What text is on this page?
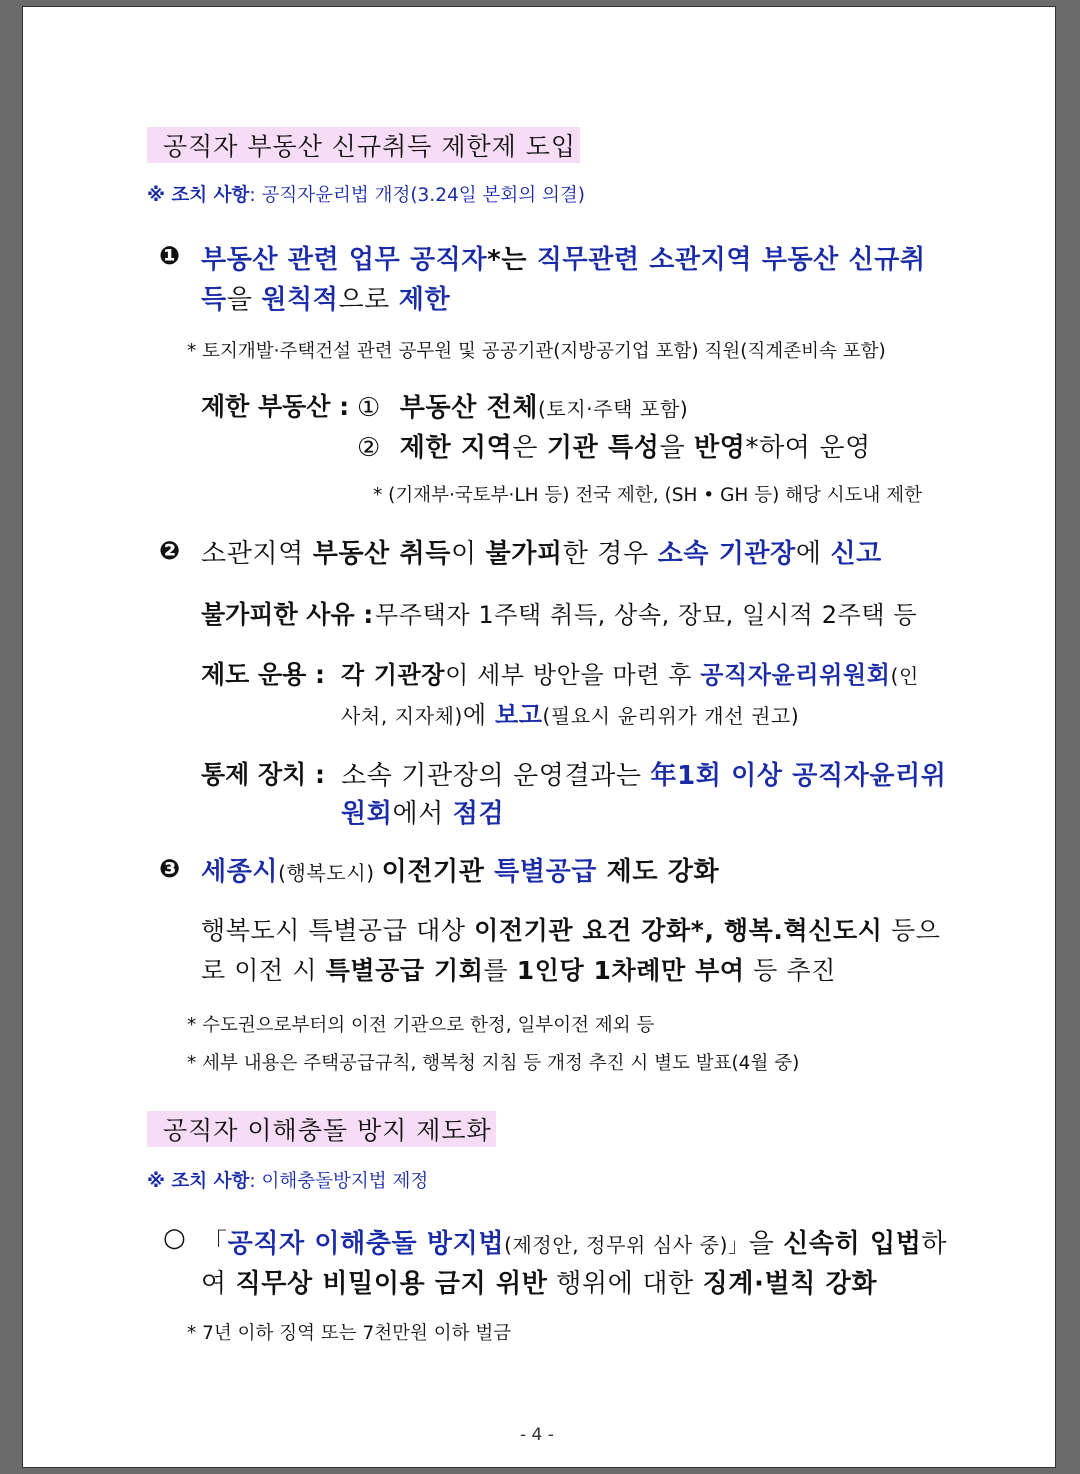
공직자 부동산 신규취득 제한제 도입
※ 조치 사항: 공직자윤리법 개정(3.24일 본회의 의결)
❶ 부동산 관련 업무 공직자*는 직무관련 소관지역 부동산 신규취
득을 원칙적으로 제한
* 토지개발·주택건설 관련 공무원 및 공공기관(지방공기업 포함) 직원(직계존비속 포함)
제한 부동산 : ① 부동산 전체(토지·주택 포함)
② 제한 지역은 기관 특성을 반영*하여 운영
* (기재부·국토부·LH 등) 전국 제한, (SH • GH 등) 해당 시도내 제한
❷ 소관지역 부동산 취득이 불가피한 경우 소속 기관장에 신고
불가피한 사유 : 무주택자 1주택 취득, 상속, 장묘, 일시적 2주택 등
제도 운용 : 각 기관장이 세부 방안을 마련 후 공직자윤리위원회(인
사처, 지자체)에 보고(필요시 윤리위가 개선 권고)
통제 장치 : 소속 기관장의 운영결과는 年1회 이상 공직자윤리위
원회에서 점검
❸ 세종시(행복도시) 이전기관 특별공급 제도 강화
행복도시 특별공급 대상 이전기관 요건 강화*, 행복.혁신도시 등으
로 이전 시 특별공급 기회를 1인당 1차례만 부여 등 추진
* 수도권으로부터의 이전 기관으로 한정, 일부이전 제외 등
* 세부 내용은 주택공급규칙, 행복청 지침 등 개정 추진 시 별도 발표(4월 중)
공직자 이해충돌 방지 제도화
※ 조치 사항: 이해충돌방지법 제정
○ 「공직자 이해충돌 방지법(제정안, 정무위 심사 중)」을 신속히 입법하
여 직무상 비밀이용 금지 위반 행위에 대한 징계·벌칙 강화
* 7년 이하 징역 또는 7천만원 이하 벌금
- 4 -
